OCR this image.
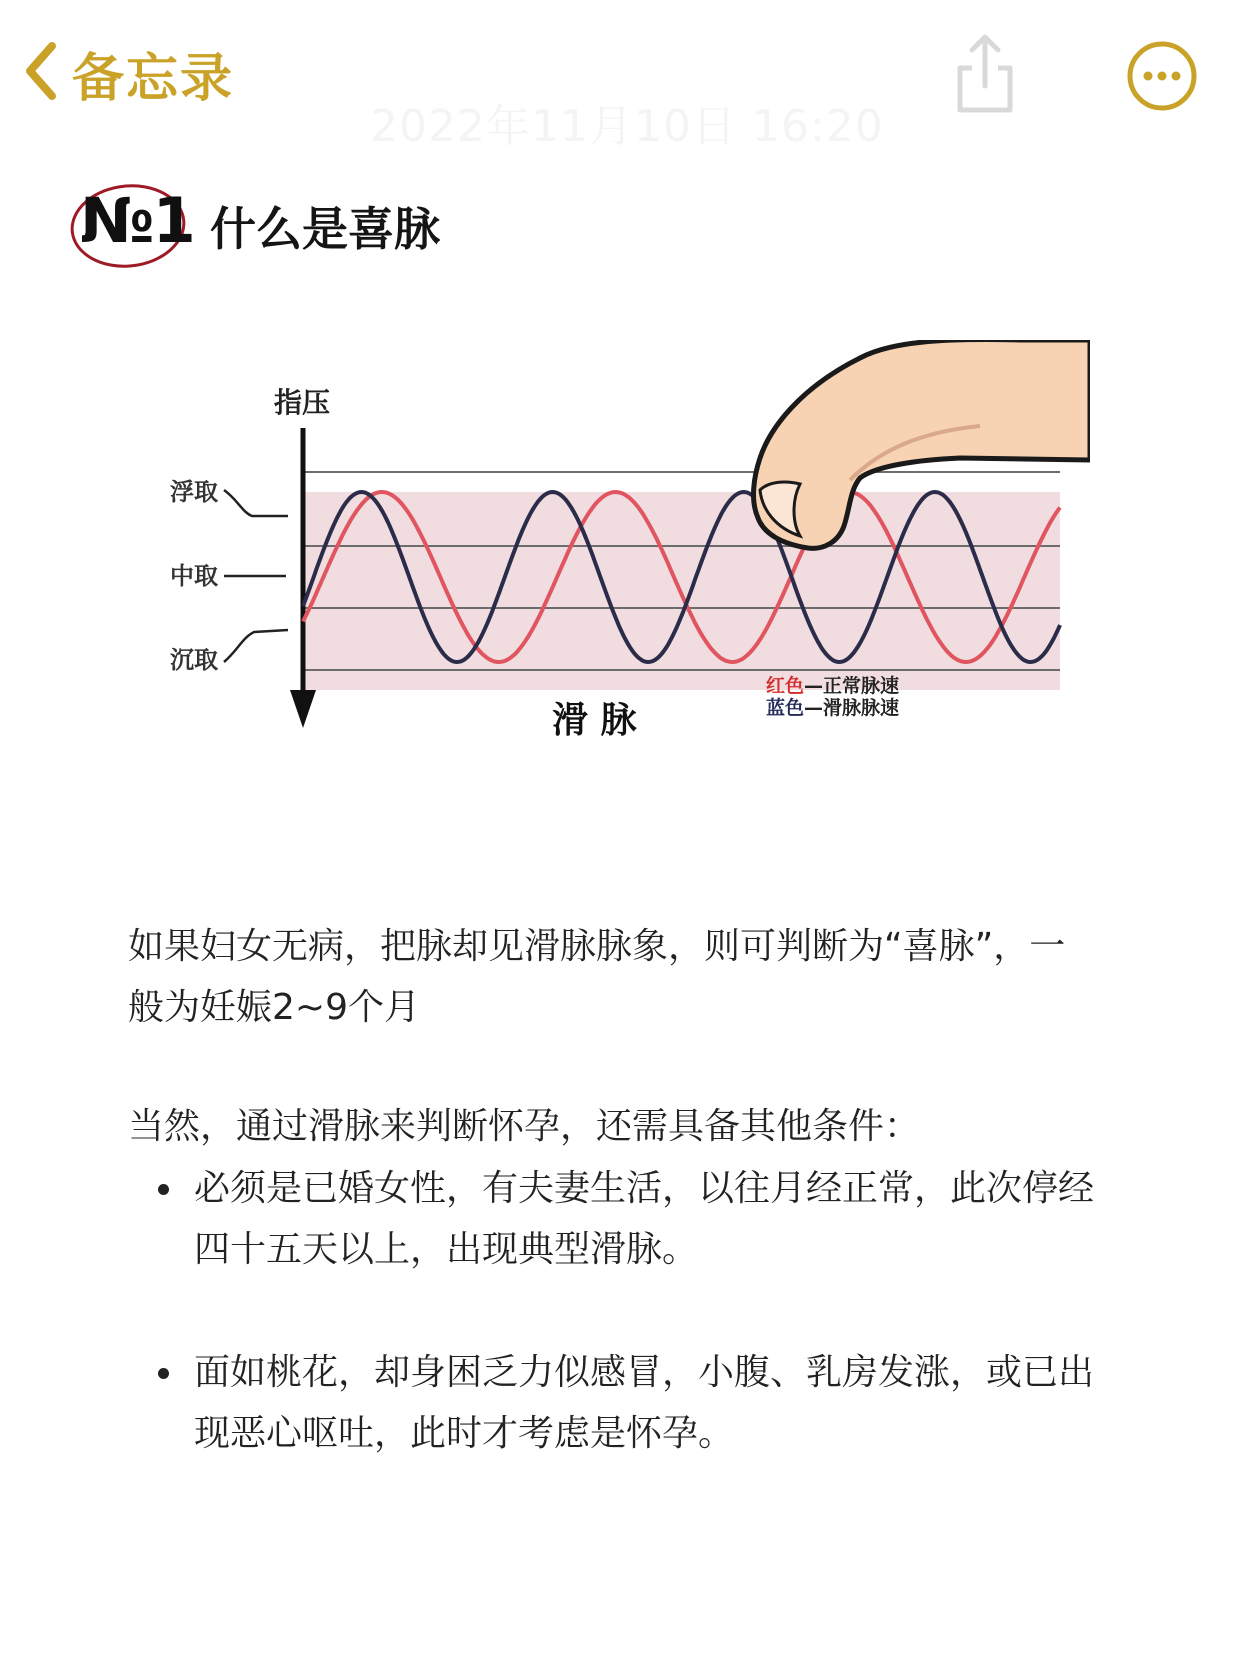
备忘录
2022年11月10日 16:20
№1 什么是喜脉
指压
浮取
中取
沉取
红色—正常脉速
蓝色—滑脉脉速
滑 脉
如果妇女无病，把脉却见滑脉脉象，则可判断为“喜脉”，一般为妊娠2~9个月
当然，通过滑脉来判断怀孕，还需具备其他条件：
必须是已婚女性，有夫妻生活，以往月经正常，此次停经四十五天以上，出现典型滑脉。
面如桃花，却身困乏力似感冒，小腹、乳房发涨，或已出现恶心呕吐，此时才考虑是怀孕。
